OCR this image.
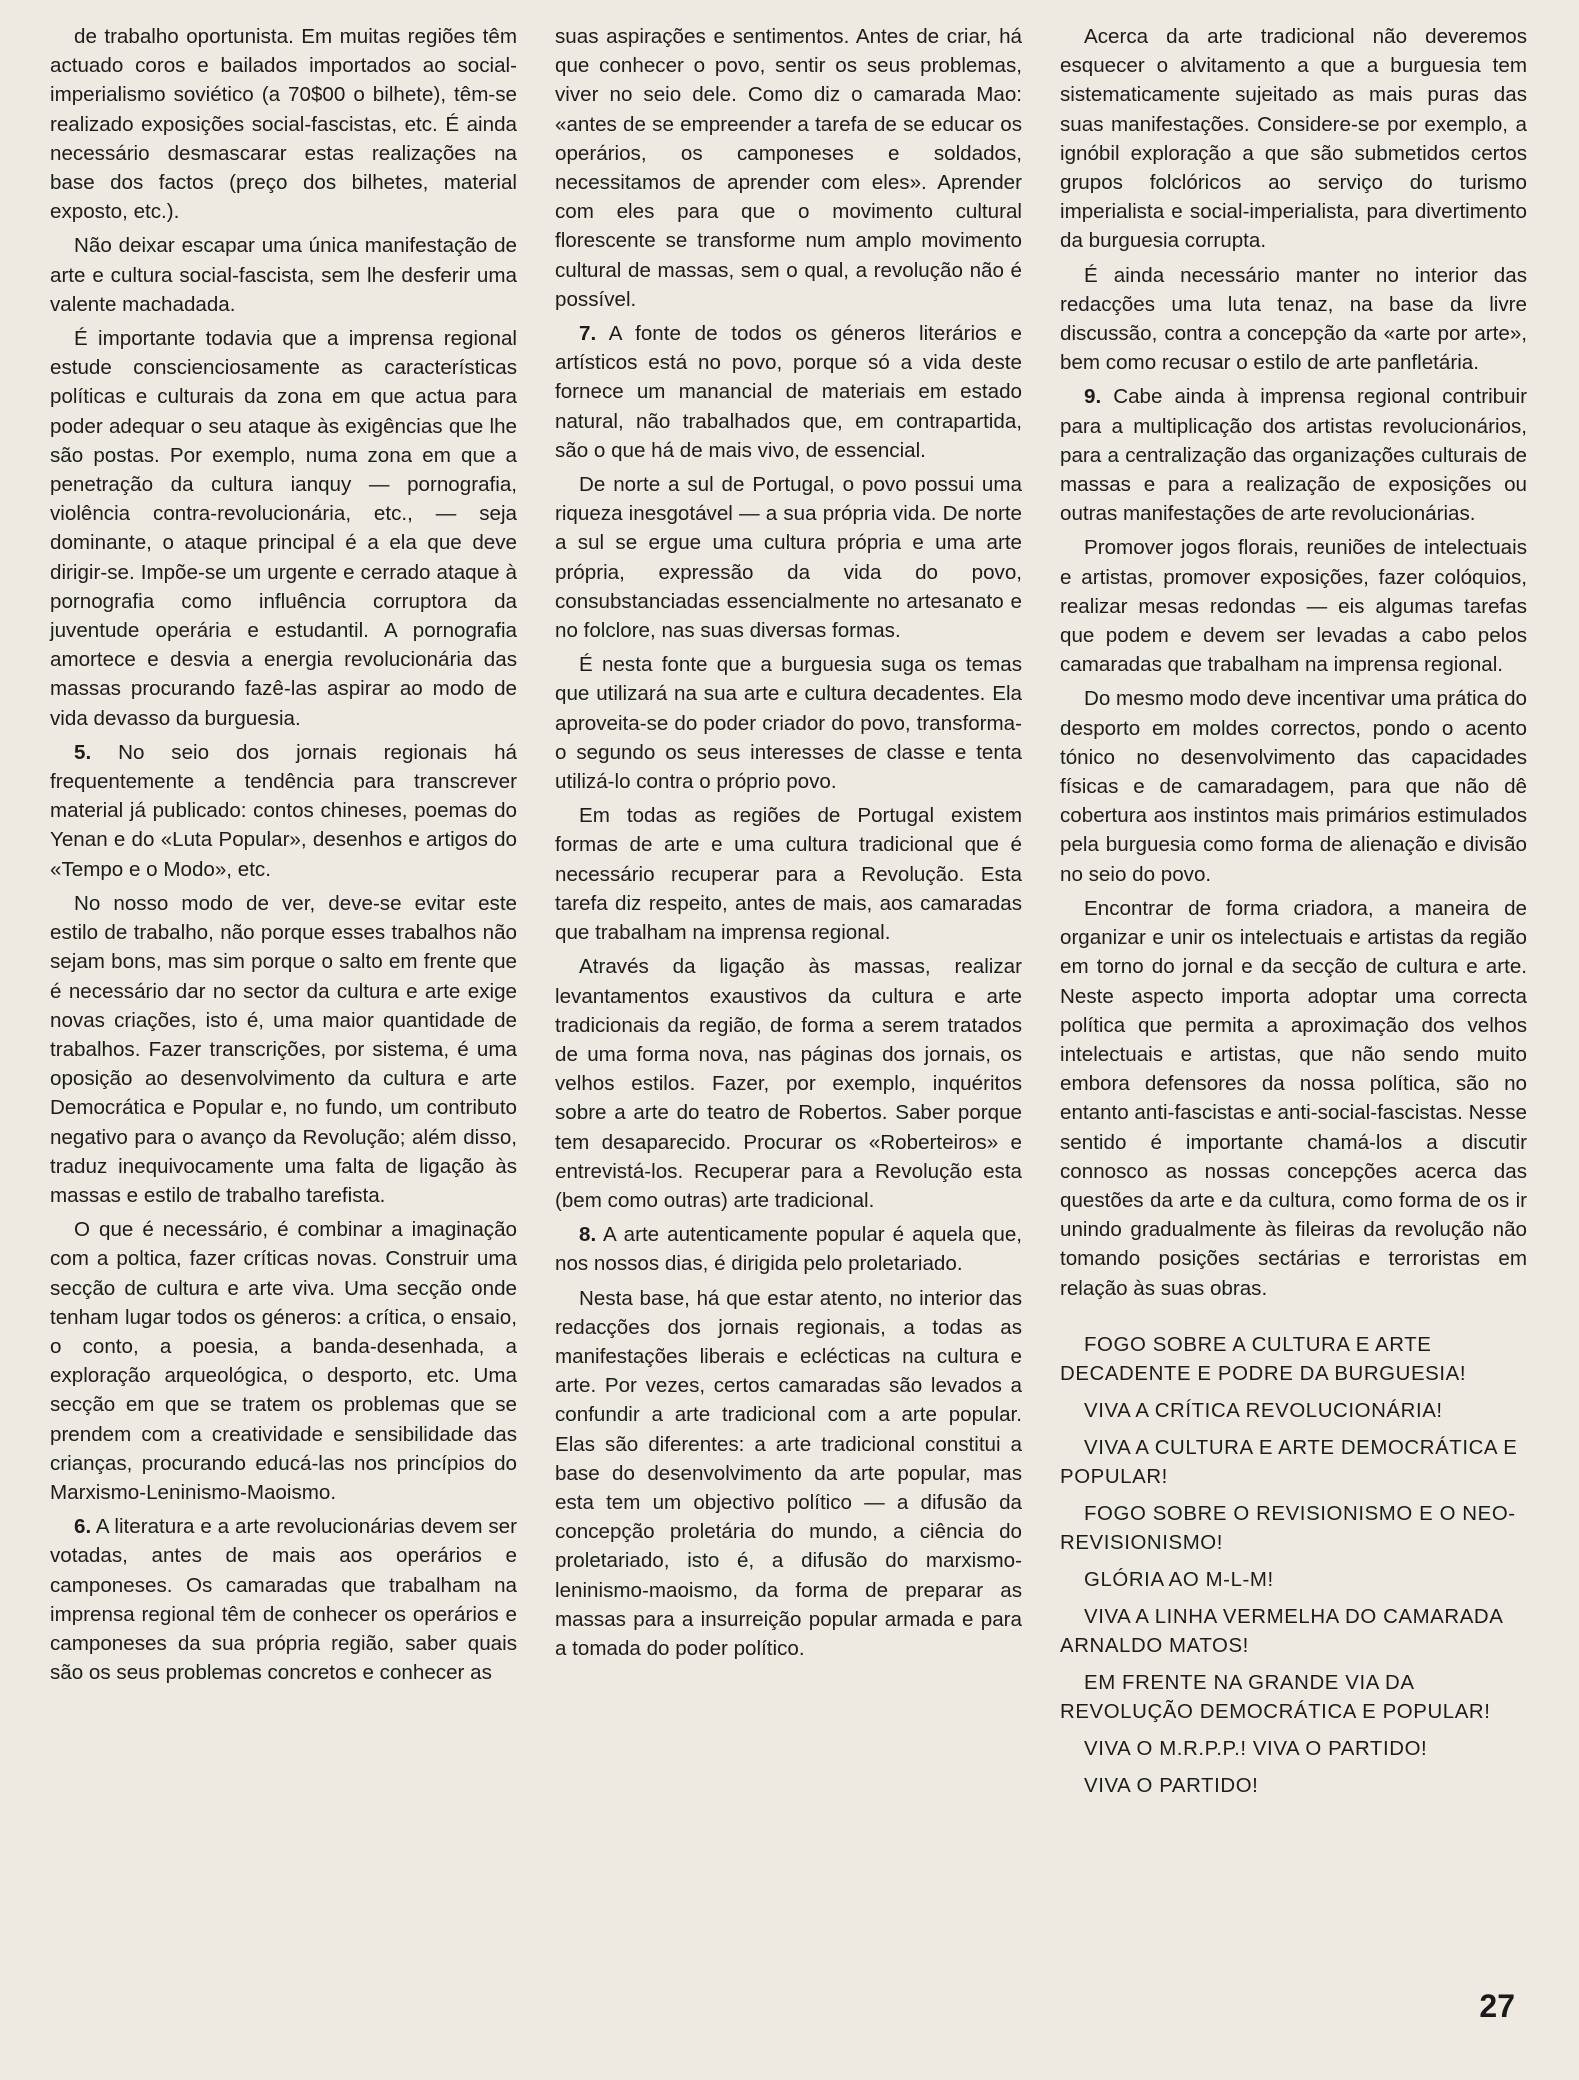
de trabalho oportunista. Em muitas regiões têm actuado coros e bailados importados ao social-imperialismo soviético (a 70$00 o bilhete), têm-se realizado exposições social-fascistas, etc. É ainda necessário desmascarar estas realizações na base dos factos (preço dos bilhetes, material exposto, etc.).

Não deixar escapar uma única manifestação de arte e cultura social-fascista, sem lhe desferir uma valente machadada.

É importante todavia que a imprensa regional estude conscienciosamente as características políticas e culturais da zona em que actua para poder adequar o seu ataque às exigências que lhe são postas. Por exemplo, numa zona em que a penetração da cultura ianquy — pornografia, violência contra-revolucionária, etc., — seja dominante, o ataque principal é a ela que deve dirigir-se. Impõe-se um urgente e cerrado ataque à pornografia como influência corruptora da juventude operária e estudantil. A pornografia amortece e desvia a energia revolucionária das massas procurando fazê-las aspirar ao modo de vida devasso da burguesia.

5. No seio dos jornais regionais há frequentemente a tendência para transcrever material já publicado: contos chineses, poemas do Yenan e do «Luta Popular», desenhos e artigos do «Tempo e o Modo», etc.

No nosso modo de ver, deve-se evitar este estilo de trabalho, não porque esses trabalhos não sejam bons, mas sim porque o salto em frente que é necessário dar no sector da cultura e arte exige novas criações, isto é, uma maior quantidade de trabalhos. Fazer transcrições, por sistema, é uma oposição ao desenvolvimento da cultura e arte Democrática e Popular e, no fundo, um contributo negativo para o avanço da Revolução; além disso, traduz inequivocamente uma falta de ligação às massas e estilo de trabalho tarefista.

O que é necessário, é combinar a imaginação com a poltica, fazer críticas novas. Construir uma secção de cultura e arte viva. Uma secção onde tenham lugar todos os géneros: a crítica, o ensaio, o conto, a poesia, a banda-desenhada, a exploração arqueológica, o desporto, etc. Uma secção em que se tratem os problemas que se prendem com a creatividade e sensibilidade das crianças, procurando educá-las nos princípios do Marxismo-Leninismo-Maoismo.

6. A literatura e a arte revolucionárias devem ser votadas, antes de mais aos operários e camponeses. Os camaradas que trabalham na imprensa regional têm de conhecer os operários e camponeses da sua própria região, saber quais são os seus problemas concretos e conhecer as

suas aspirações e sentimentos. Antes de criar, há que conhecer o povo, sentir os seus problemas, viver no seio dele. Como diz o camarada Mao: «antes de se empreender a tarefa de se educar os operários, os camponeses e soldados, necessitamos de aprender com eles». Aprender com eles para que o movimento cultural florescente se transforme num amplo movimento cultural de massas, sem o qual, a revolução não é possível.

7. A fonte de todos os géneros literários e artísticos está no povo, porque só a vida deste fornece um manancial de materiais em estado natural, não trabalhados que, em contrapartida, são o que há de mais vivo, de essencial.

De norte a sul de Portugal, o povo possui uma riqueza inesgotável — a sua própria vida. De norte a sul se ergue uma cultura própria e uma arte própria, expressão da vida do povo, consubstanciadas essencialmente no artesanato e no folclore, nas suas diversas formas.

É nesta fonte que a burguesia suga os temas que utilizará na sua arte e cultura decadentes. Ela aproveita-se do poder criador do povo, transforma-o segundo os seus interesses de classe e tenta utilizá-lo contra o próprio povo.

Em todas as regiões de Portugal existem formas de arte e uma cultura tradicional que é necessário recuperar para a Revolução. Esta tarefa diz respeito, antes de mais, aos camaradas que trabalham na imprensa regional.

Através da ligação às massas, realizar levantamentos exaustivos da cultura e arte tradicionais da região, de forma a serem tratados de uma forma nova, nas páginas dos jornais, os velhos estilos. Fazer, por exemplo, inquéritos sobre a arte do teatro de Robertos. Saber porque tem desaparecido. Procurar os «Roberteiros» e entrevistá-los. Recuperar para a Revolução esta (bem como outras) arte tradicional.

8. A arte autenticamente popular é aquela que, nos nossos dias, é dirigida pelo proletariado.

Nesta base, há que estar atento, no interior das redacções dos jornais regionais, a todas as manifestações liberais e eclécticas na cultura e arte. Por vezes, certos camaradas são levados a confundir a arte tradicional com a arte popular. Elas são diferentes: a arte tradicional constitui a base do desenvolvimento da arte popular, mas esta tem um objectivo político — a difusão da concepção proletária do mundo, a ciência do proletariado, isto é, a difusão do marxismo-leninismo-maoismo, da forma de preparar as massas para a insurreição popular armada e para a tomada do poder político.

Acerca da arte tradicional não deveremos esquecer o alvitamento a que a burguesia tem sistematicamente sujeitado as mais puras das suas manifestações. Considere-se por exemplo, a ignóbil exploração a que são submetidos certos grupos folclóricos ao serviço do turismo imperialista e social-imperialista, para divertimento da burguesia corrupta.

É ainda necessário manter no interior das redacções uma luta tenaz, na base da livre discussão, contra a concepção da «arte por arte», bem como recusar o estilo de arte panfletária.

9. Cabe ainda à imprensa regional contribuir para a multiplicação dos artistas revolucionários, para a centralização das organizações culturais de massas e para a realização de exposições ou outras manifestações de arte revolucionárias.

Promover jogos florais, reuniões de intelectuais e artistas, promover exposições, fazer colóquios, realizar mesas redondas — eis algumas tarefas que podem e devem ser levadas a cabo pelos camaradas que trabalham na imprensa regional.

Do mesmo modo deve incentivar uma prática do desporto em moldes correctos, pondo o acento tónico no desenvolvimento das capacidades físicas e de camaradagem, para que não dê cobertura aos instintos mais primários estimulados pela burguesia como forma de alienação e divisão no seio do povo.

Encontrar de forma criadora, a maneira de organizar e unir os intelectuais e artistas da região em torno do jornal e da secção de cultura e arte. Neste aspecto importa adoptar uma correcta política que permita a aproximação dos velhos intelectuais e artistas, que não sendo muito embora defensores da nossa política, são no entanto anti-fascistas e anti-social-fascistas. Nesse sentido é importante chamá-los a discutir connosco as nossas concepções acerca das questões da arte e da cultura, como forma de os ir unindo gradualmente às fileiras da revolução não tomando posições sectárias e terroristas em relação às suas obras.

FOGO SOBRE A CULTURA E ARTE DECADENTE E PODRE DA BURGUESIA!

VIVA A CRÍTICA REVOLUCIONÁRIA!

VIVA A CULTURA E ARTE DEMOCRÁTICA E POPULAR!

FOGO SOBRE O REVISIONISMO E O NEO-REVISIONISMO!

GLÓRIA AO M-L-M!

VIVA A LINHA VERMELHA DO CAMARADA ARNALDO MATOS!

EM FRENTE NA GRANDE VIA DA REVOLUÇÃO DEMOCRÁTICA E POPULAR!

VIVA O M.R.P.P.! VIVA O PARTIDO!

VIVA O PARTIDO!

27
